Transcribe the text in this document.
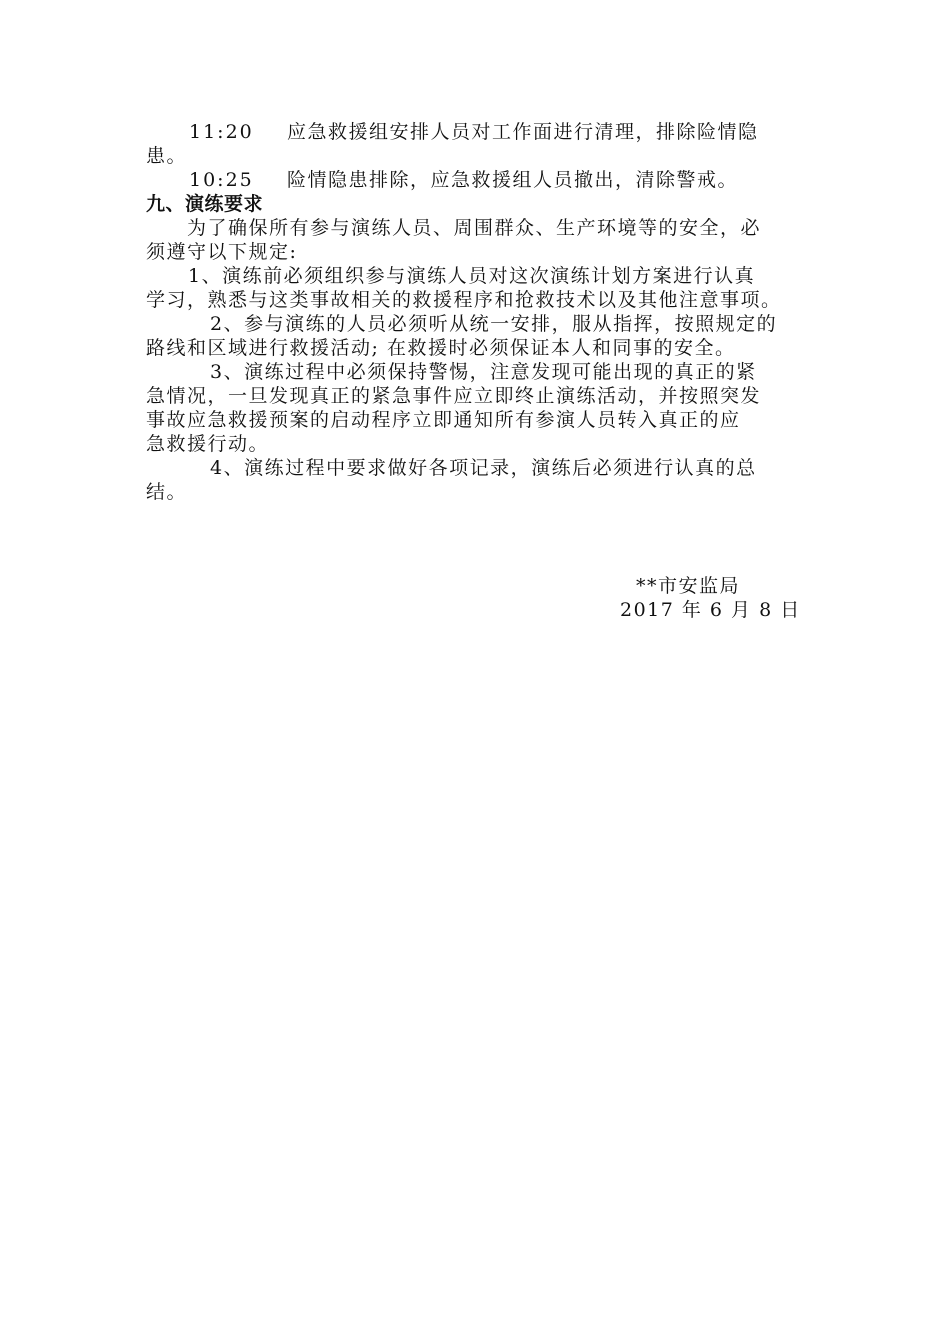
11:20 应急救援组安排人员对工作面进行清理，排除险情隐
患。
10:25 险情隐患排除，应急救援组人员撤出，清除警戒。
九、演练要求
为了确保所有参与演练人员、周围群众、生产环境等的安全，必
须遵守以下规定:
1、演练前必须组织参与演练人员对这次演练计划方案进行认真
学习，熟悉与这类事故相关的救援程序和抢救技术以及其他注意事项。
2、参与演练的人员必须听从统一安排，服从指挥，按照规定的
路线和区域进行救援活动; 在救援时必须保证本人和同事的安全。
3、演练过程中必须保持警惕，注意发现可能出现的真正的紧
急情况，一旦发现真正的紧急事件应立即终止演练活动，并按照突发
事故应急救援预案的启动程序立即通知所有参演人员转入真正的应
急救援行动。
4、演练过程中要求做好各项记录，演练后必须进行认真的总
结。
**市安监局
2017 年 6 月 8 日
